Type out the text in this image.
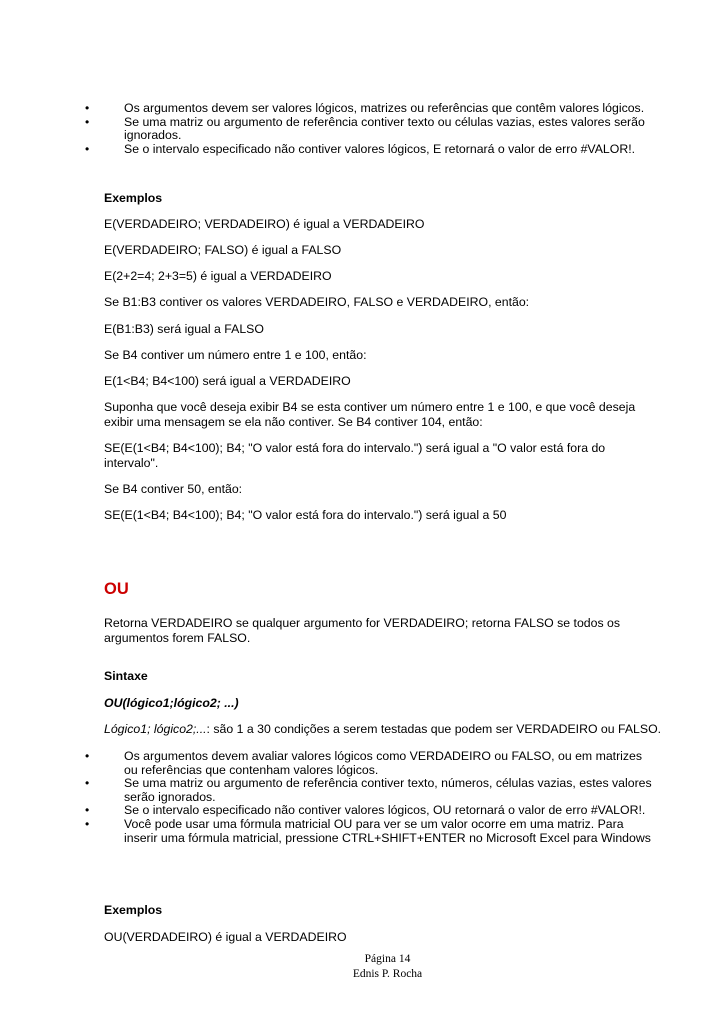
•	Os argumentos devem ser valores lógicos, matrizes ou referências que contêm valores lógicos.
•	Se uma matriz ou argumento de referência contiver texto ou células vazias, estes valores serão
ignorados.
•	Se o intervalo especificado não contiver valores lógicos, E retornará o valor de erro #VALOR!.
Exemplos
E(VERDADEIRO; VERDADEIRO) é igual a VERDADEIRO
E(VERDADEIRO; FALSO) é igual a FALSO
E(2+2=4; 2+3=5) é igual a VERDADEIRO
Se B1:B3 contiver os valores VERDADEIRO, FALSO e VERDADEIRO, então:
E(B1:B3) será igual a FALSO
Se B4 contiver um número entre 1 e 100, então:
E(1<B4; B4<100) será igual a VERDADEIRO
Suponha que você deseja exibir B4 se esta contiver um número entre 1 e 100, e que você deseja
exibir uma mensagem se ela não contiver. Se B4 contiver 104, então:
SE(E(1<B4; B4<100); B4; "O valor está fora do intervalo.") será igual a "O valor está fora do
intervalo".
Se B4 contiver 50, então:
SE(E(1<B4; B4<100); B4; "O valor está fora do intervalo.") será igual a 50
OU
Retorna VERDADEIRO se qualquer argumento for VERDADEIRO; retorna FALSO se todos os
argumentos forem FALSO.
Sintaxe
OU(lógico1;lógico2; ...)
Lógico1; lógico2;...: são 1 a 30 condições a serem testadas que podem ser VERDADEIRO ou FALSO.
•	Os argumentos devem avaliar valores lógicos como VERDADEIRO ou FALSO, ou em matrizes
ou referências que contenham valores lógicos.
•	Se uma matriz ou argumento de referência contiver texto, números, células vazias, estes valores
serão ignorados.
•	Se o intervalo especificado não contiver valores lógicos, OU retornará o valor de erro #VALOR!.
•	Você pode usar uma fórmula matricial OU para ver se um valor ocorre em uma matriz. Para
inserir uma fórmula matricial, pressione CTRL+SHIFT+ENTER no Microsoft Excel para Windows
Exemplos
OU(VERDADEIRO) é igual a VERDADEIRO
Página 14
Ednis P. Rocha
